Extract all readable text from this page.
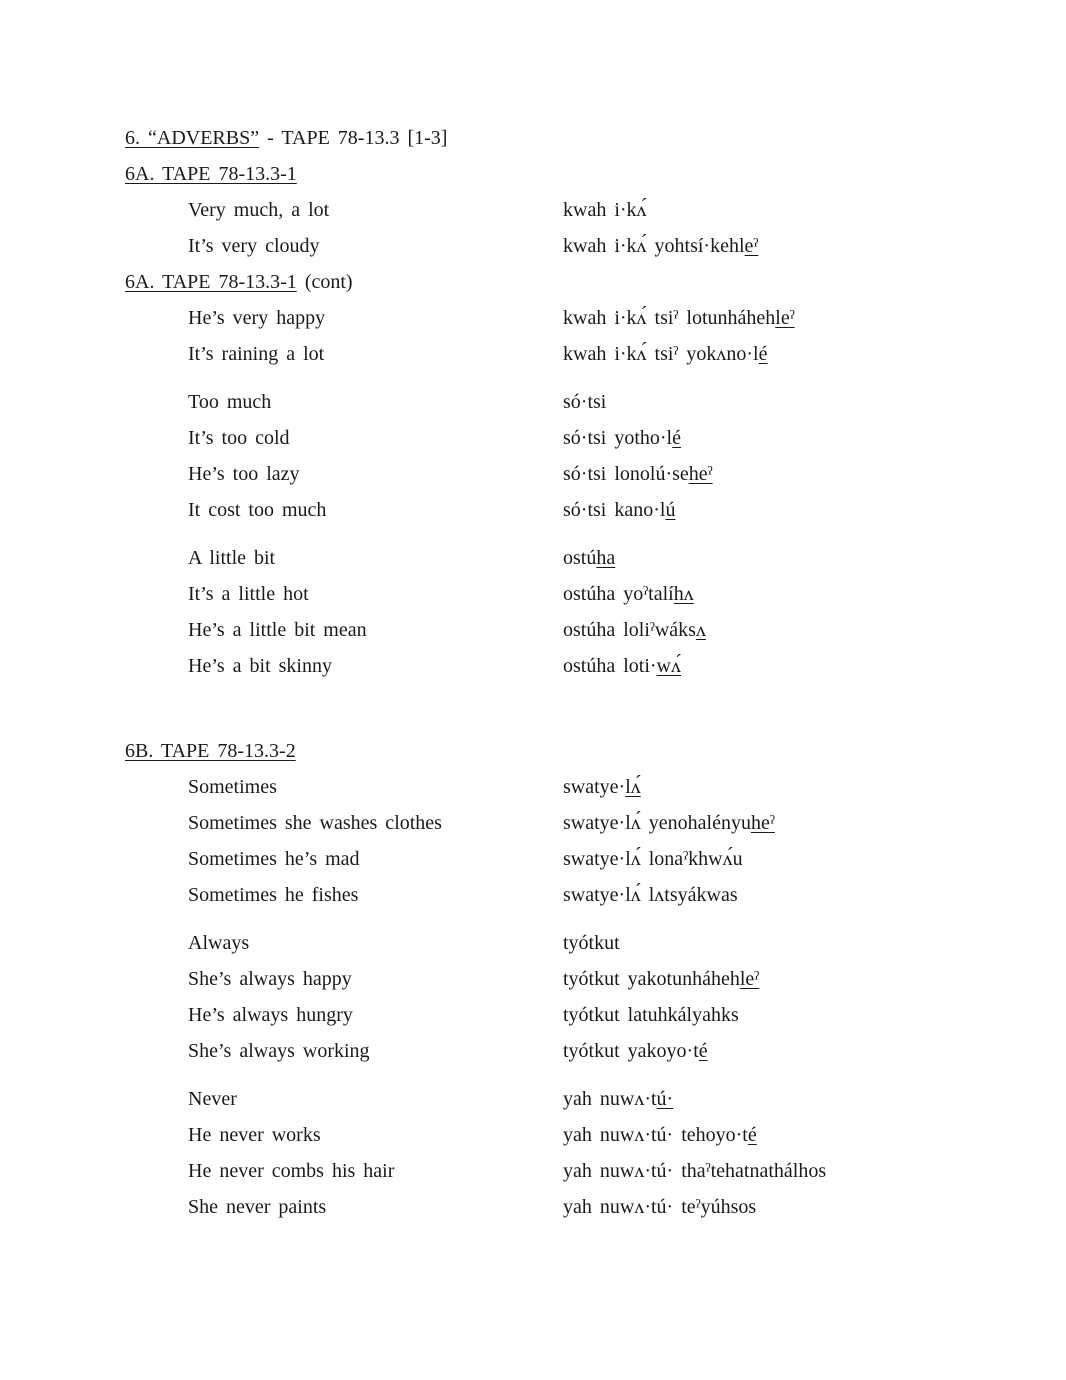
6. “ADVERBS” - TAPE 78-13.3 [1-3]
6A. TAPE 78-13.3-1
6A. TAPE 78-13.3-1 (cont)
6B. TAPE 78-13.3-2
Very much, a lot	kwah i·kʌ́
It’s very cloudy	kwah i·kʌ́ yohtsí·kehleˀ
He’s very happy	kwah i·kʌ́ tsiˀ lotunháhehleˀ
It’s raining a lot	kwah i·kʌ́ tsiˀ yokʌno·lé
Too much	só·tsi
It’s too cold	só·tsi yotho·lé
He’s too lazy	só·tsi lonolú·seheˀ
It cost too much	só·tsi kano·lú
A little bit	ostúha
It’s a little hot	ostúha yoˀtalíhʌ
He’s a little bit mean	ostúha loliˀwáksʌ
He’s a bit skinny	ostúha loti·wʌ́
Sometimes	swatye·lʌ́
Sometimes she washes clothes	swatye·lʌ́ yenohalényuheˀ
Sometimes he’s mad	swatye·lʌ́ lonaˀkhwʌ́u
Sometimes he fishes	swatye·lʌ́ lʌtsyákwas
Always	tyótkut
She’s always happy	tyótkut yakotunháhehleˀ
He’s always hungry	tyótkut latuhkályahks
She’s always working	tyótkut yakoyo·té
Never	yah nuwʌ·tú·
He never works	yah nuwʌ·tú· tehoyo·té
He never combs his hair	yah nuwʌ·tú· thaˀtehatnathálhos
She never paints	yah nuwʌ·tú· teˀyúhsos
